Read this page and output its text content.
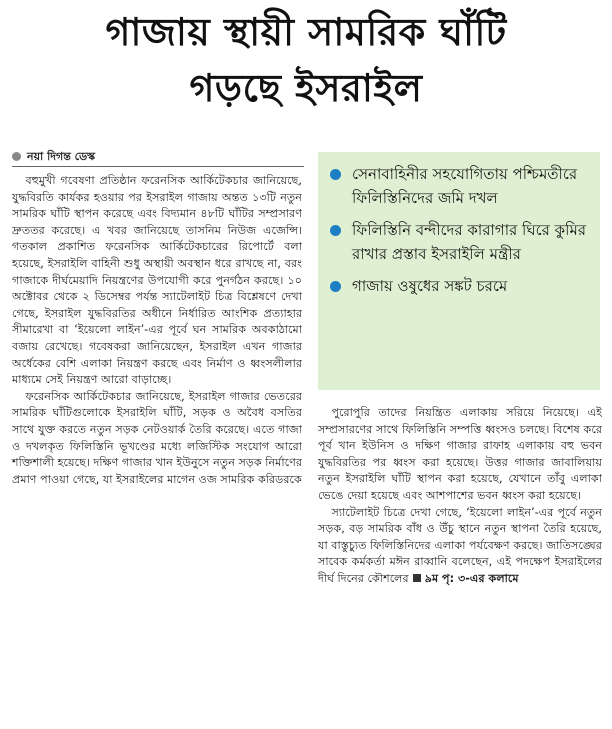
গাজায় স্থায়ী সামরিক ঘাঁটি
গড়ছে ইসরাইল
নয়া দিগন্ত ডেস্ক

বহুমুখী গবেষণা প্রতিষ্ঠান ফরেনসিক আর্কিটেকচার জানিয়েছে, যুদ্ধবিরতি কার্যকর হওয়ার পর ইসরাইল গাজায় অন্তত ১৩টি নতুন সামরিক ঘাঁটি স্থাপন করেছে এবং বিদ্যমান ৪৮টি ঘাঁটির সম্প্রসারণ দ্রুততর করেছে। এ খবর জানিয়েছে তাসনিম নিউজ এজেন্সি। গতকাল প্রকাশিত ফরেনসিক আর্কিটেকচারের রিপোর্টে বলা হয়েছে, ইসরাইলি বাহিনী শুধু অস্থায়ী অবস্থান ধরে রাখছে না, বরং গাজাকে দীর্ঘমেয়াদি নিয়ন্ত্রণের উপযোগী করে পুনর্গঠন করছে। ১০ অক্টোবর থেকে ২ ডিসেম্বর পর্যন্ত স্যাটেলাইট চিত্র বিশ্লেষণে দেখা গেছে, ইসরাইল যুদ্ধবিরতির অধীনে নির্ধারিত আংশিক প্রত্যাহার সীমারেখা বা ‘ইয়েলো লাইন’-এর পূর্বে ঘন সামরিক অবকাঠামো বজায় রেখেছে। গবেষকরা জানিয়েছেন, ইসরাইল এখন গাজার অর্ধেকের বেশি এলাকা নিয়ন্ত্রণ করছে এবং নির্মাণ ও ধ্বংসলীলার মাধ্যমে সেই নিয়ন্ত্রণ আরো বাড়াচ্ছে।

ফরেনসিক আর্কিটেকচার জানিয়েছে, ইসরাইল গাজার ভেতরের সামরিক ঘাঁটিগুলোকে ইসরাইলি ঘাঁটি, সড়ক ও অবৈধ বসতির সাথে যুক্ত করতে নতুন সড়ক নেটওয়ার্ক তৈরি করেছে। এতে গাজা ও দখলকৃত ফিলিস্তিনি ভূখণ্ডের মধ্যে লজিস্টিক সংযোগ আরো শক্তিশালী হয়েছে। দক্ষিণ গাজার খান ইউনুসে নতুন সড়ক নির্মাণের প্রমাণ পাওয়া গেছে, যা ইসরাইলের মাগেন ওজ সামরিক করিডরকে

সেনাবাহিনীর সহযোগিতায় পশ্চিমতীরে ফিলিস্তিনিদের জমি দখল
ফিলিস্তিনি বন্দীদের কারাগার ঘিরে কুমির রাখার প্রস্তাব ইসরাইলি মন্ত্রীর
গাজায় ওষুধের সঙ্কট চরমে

পুরোপুরি তাদের নিয়ন্ত্রিত এলাকায় সরিয়ে নিয়েছে। এই সম্প্রসারণের সাথে ফিলিস্তিনি সম্পত্তি ধ্বংসও চলছে। বিশেষ করে পূর্ব খান ইউনিস ও দক্ষিণ গাজার রাফাহ এলাকায় বহু ভবন যুদ্ধবিরতির পর ধ্বংস করা হয়েছে। উত্তর গাজার জাবালিয়ায় নতুন ইসরাইলি ঘাঁটি স্থাপন করা হয়েছে, যেখানে তাঁবু এলাকা ভেঙে দেয়া হয়েছে এবং আশপাশের ভবন ধ্বংস করা হয়েছে।

স্যাটেলাইট চিত্রে দেখা গেছে, ‘ইয়েলো লাইন’-এর পূর্বে নতুন সড়ক, বড় সামরিক বাঁধ ও উঁচু স্থানে নতুন স্থাপনা তৈরি হয়েছে, যা বাস্তুচ্যুত ফিলিস্তিনিদের এলাকা পর্যবেক্ষণ করছে। জাতিসঙ্ঘের সাবেক কর্মকর্তা মঈন রাব্বানি বলেছেন, এই পদক্ষেপ ইসরাইলের দীর্ঘ দিনের কৌশলের ৯ম পৃ: ৩-এর কলামে
